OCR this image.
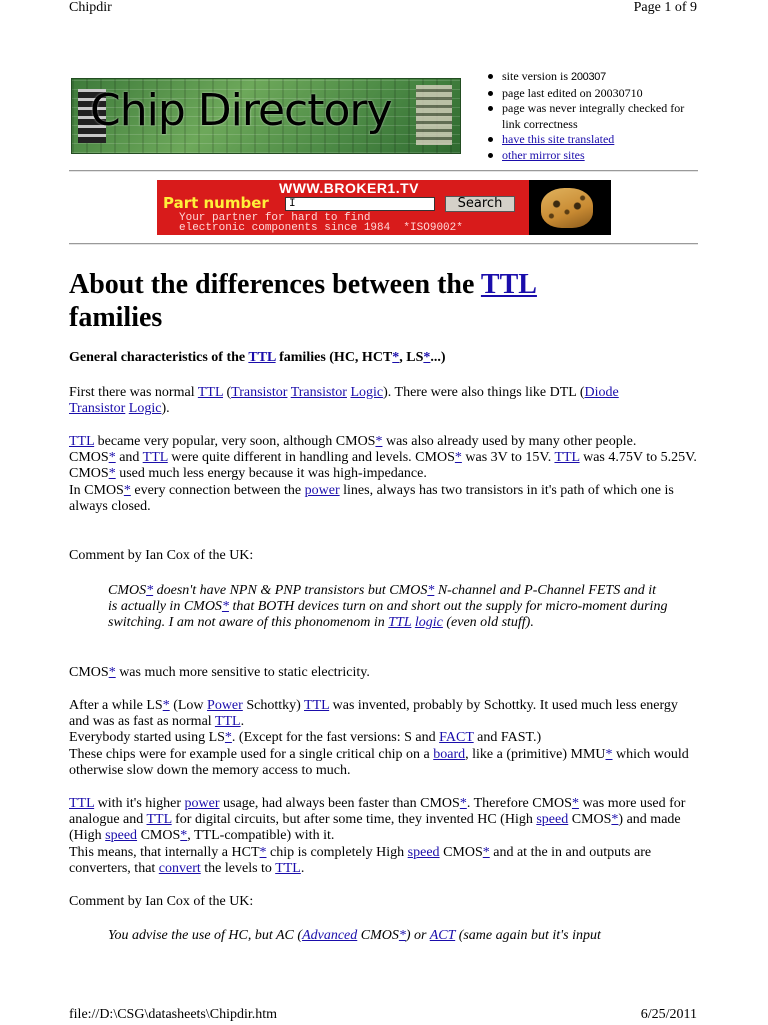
Chipdir	Page 1 of 9
Chip Directory
site version is 200307
page last edited on 20030710
page was never integrally checked for link correctness
have this site translated
other mirror sites
WWW.BROKER1.TV
Part number	I	Search
Your partner for hard to find
electronic components since 1984  *ISO9002*
About the differences between the TTL
families
General characteristics of the TTL families (HC, HCT*, LS*...)

First there was normal TTL (Transistor Transistor Logic). There were also things like DTL (Diode
Transistor Logic).

TTL became very popular, very soon, although CMOS* was also already used by many other people.
CMOS* and TTL were quite different in handling and levels. CMOS* was 3V to 15V. TTL was 4.75V to 5.25V. CMOS* used much less energy because it was high-impedance.
In CMOS* every connection between the power lines, always has two transistors in it's path of which one is always closed.

Comment by Ian Cox of the UK:

CMOS* doesn't have NPN & PNP transistors but CMOS* N-channel and P-Channel FETS and it is actually in CMOS* that BOTH devices turn on and short out the supply for micro-moment during switching. I am not aware of this phonomenom in TTL logic (even old stuff).

CMOS* was much more sensitive to static electricity.

After a while LS* (Low Power Schottky) TTL was invented, probably by Schottky. It used much less energy and was as fast as normal TTL.
Everybody started using LS*. (Except for the fast versions: S and FACT and FAST.)
These chips were for example used for a single critical chip on a board, like a (primitive) MMU* which would otherwise slow down the memory access to much.

TTL with it's higher power usage, had always been faster than CMOS*. Therefore CMOS* was more used for analogue and TTL for digital circuits, but after some time, they invented HC (High speed CMOS*) and made (High speed CMOS*, TTL-compatible) with it.
This means, that internally a HCT* chip is completely High speed CMOS* and at the in and outputs are converters, that convert the levels to TTL.

Comment by Ian Cox of the UK:

You advise the use of HC, but AC (Advanced CMOS*) or ACT (same again but it's input

file://D:\CSG\datasheets\Chipdir.htm	6/25/2011
